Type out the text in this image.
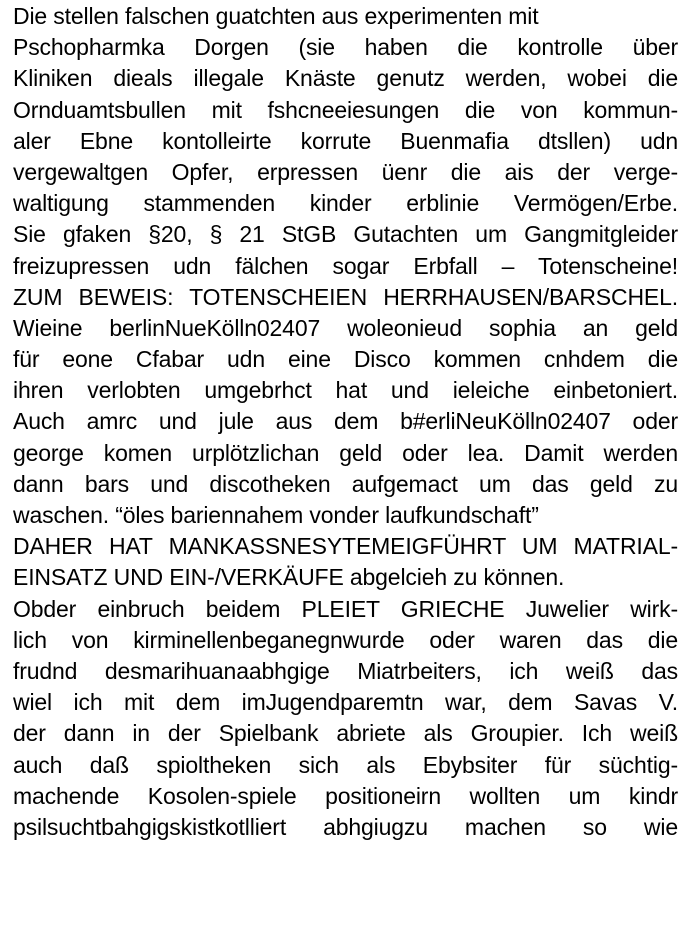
Die stellen falschen guatchten aus experimenten mit
Pschopharmka Dorgen (sie haben die kontrolle über
Kliniken dieals illegale Knäste genutz werden, wobei die
Ornduamtsbullen mit fshcneeiesungen die von kommun-
aler Ebne kontolleirte korrute Buenmafia dtsllen) udn
vergewaltgen Opfer, erpressen üenr die ais der verge-
waltigung stammenden kinder erblinie Vermögen/Erbe.
Sie gfaken §20, § 21 StGB Gutachten um Gangmitgleider
freizupressen udn fälchen sogar Erbfall – Totenscheine!
ZUM BEWEIS: TOTENSCHEIEN HERRHAUSEN/BARSCHEL.
Wieine berlinNueKölln02407 woleonieud sophia an geld
für eone Cfabar udn eine Disco kommen cnhdem die
ihren verlobten umgebrhct hat und ieleiche einbetoniert.
Auch amrc und jule aus dem b#erliNeuKölln02407 oder
george komen urplötzlichan geld oder lea. Damit werden
dann bars und discotheken aufgemact um das geld zu
waschen. “öles bariennahem vonder laufkundschaft”
DAHER HAT MANKASSNESYTEMEIGFÜHRT UM MATRIAL-
EINSATZ UND EIN-/VERKÄUFE abgelcieh zu können.
Obder einbruch beidem PLEIET GRIECHE Juwelier wirk-
lich von kirminellenbeganegnwurde oder waren das die
frudnd desmarihuanaabhgige Miatrbeiters, ich weiß das
wiel ich mit dem imJugendparemtn war, dem Savas V.
der dann in der Spielbank abriete als Groupier. Ich weiß
auch daß spioltheken sich als Ebybsiter für süchtig-
machende Kosolen-spiele positioneirn wollten um kindr
psilsuchtbahgigskistkotlliert abhgiugzu machen so wie
